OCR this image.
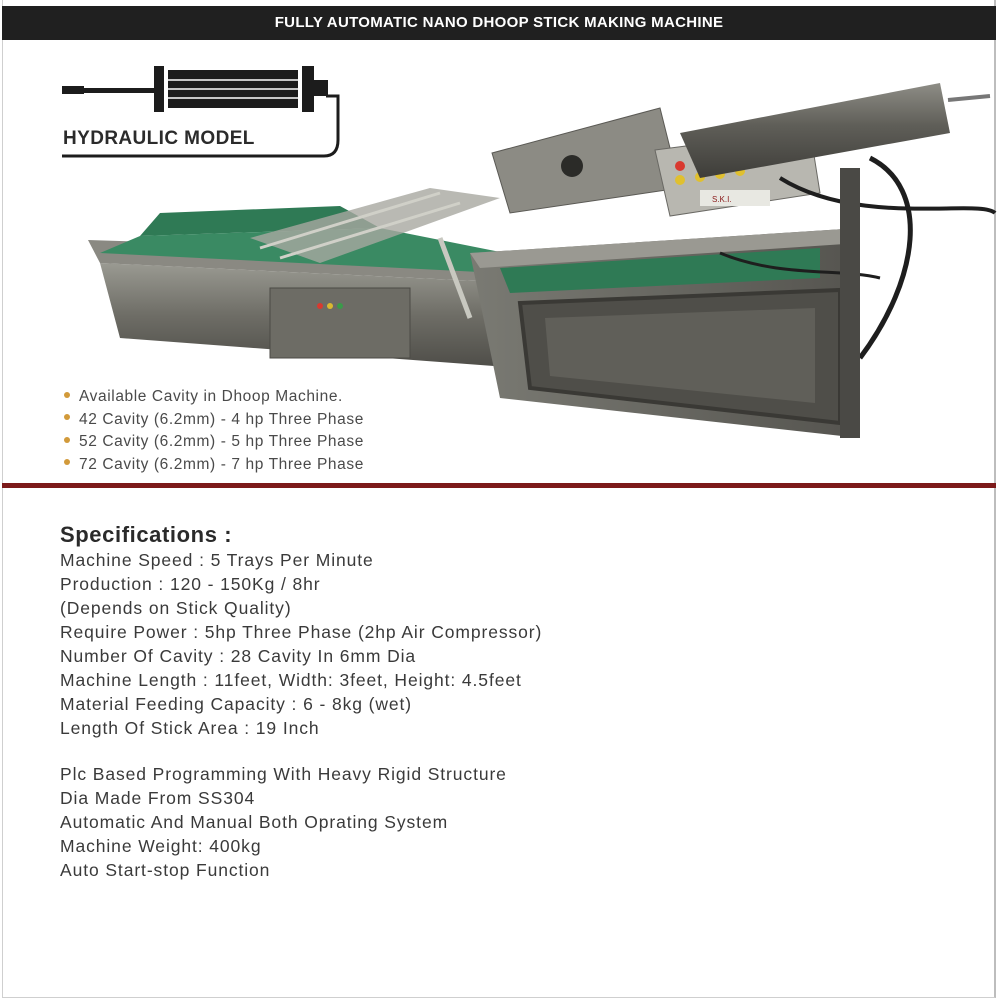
FULLY AUTOMATIC NANO DHOOP STICK MAKING MACHINE
S.K.I.
HYDRAULIC MODEL
Available Cavity in Dhoop Machine.
42 Cavity (6.2mm) - 4 hp Three Phase
52 Cavity (6.2mm) - 5 hp Three Phase
72 Cavity (6.2mm) - 7 hp Three Phase
Specifications :
Machine Speed : 5 Trays Per Minute
Production : 120 - 150Kg / 8hr
(Depends on Stick Quality)
Require Power : 5hp Three Phase (2hp Air Compressor)
Number Of Cavity : 28 Cavity In 6mm Dia
Machine Length : 11feet, Width: 3feet, Height: 4.5feet
Material Feeding Capacity : 6 - 8kg (wet)
Length Of Stick Area : 19 Inch
Plc Based Programming With Heavy Rigid Structure
Dia Made From SS304
Automatic And Manual Both Oprating System
Machine Weight: 400kg
Auto Start-stop Function
